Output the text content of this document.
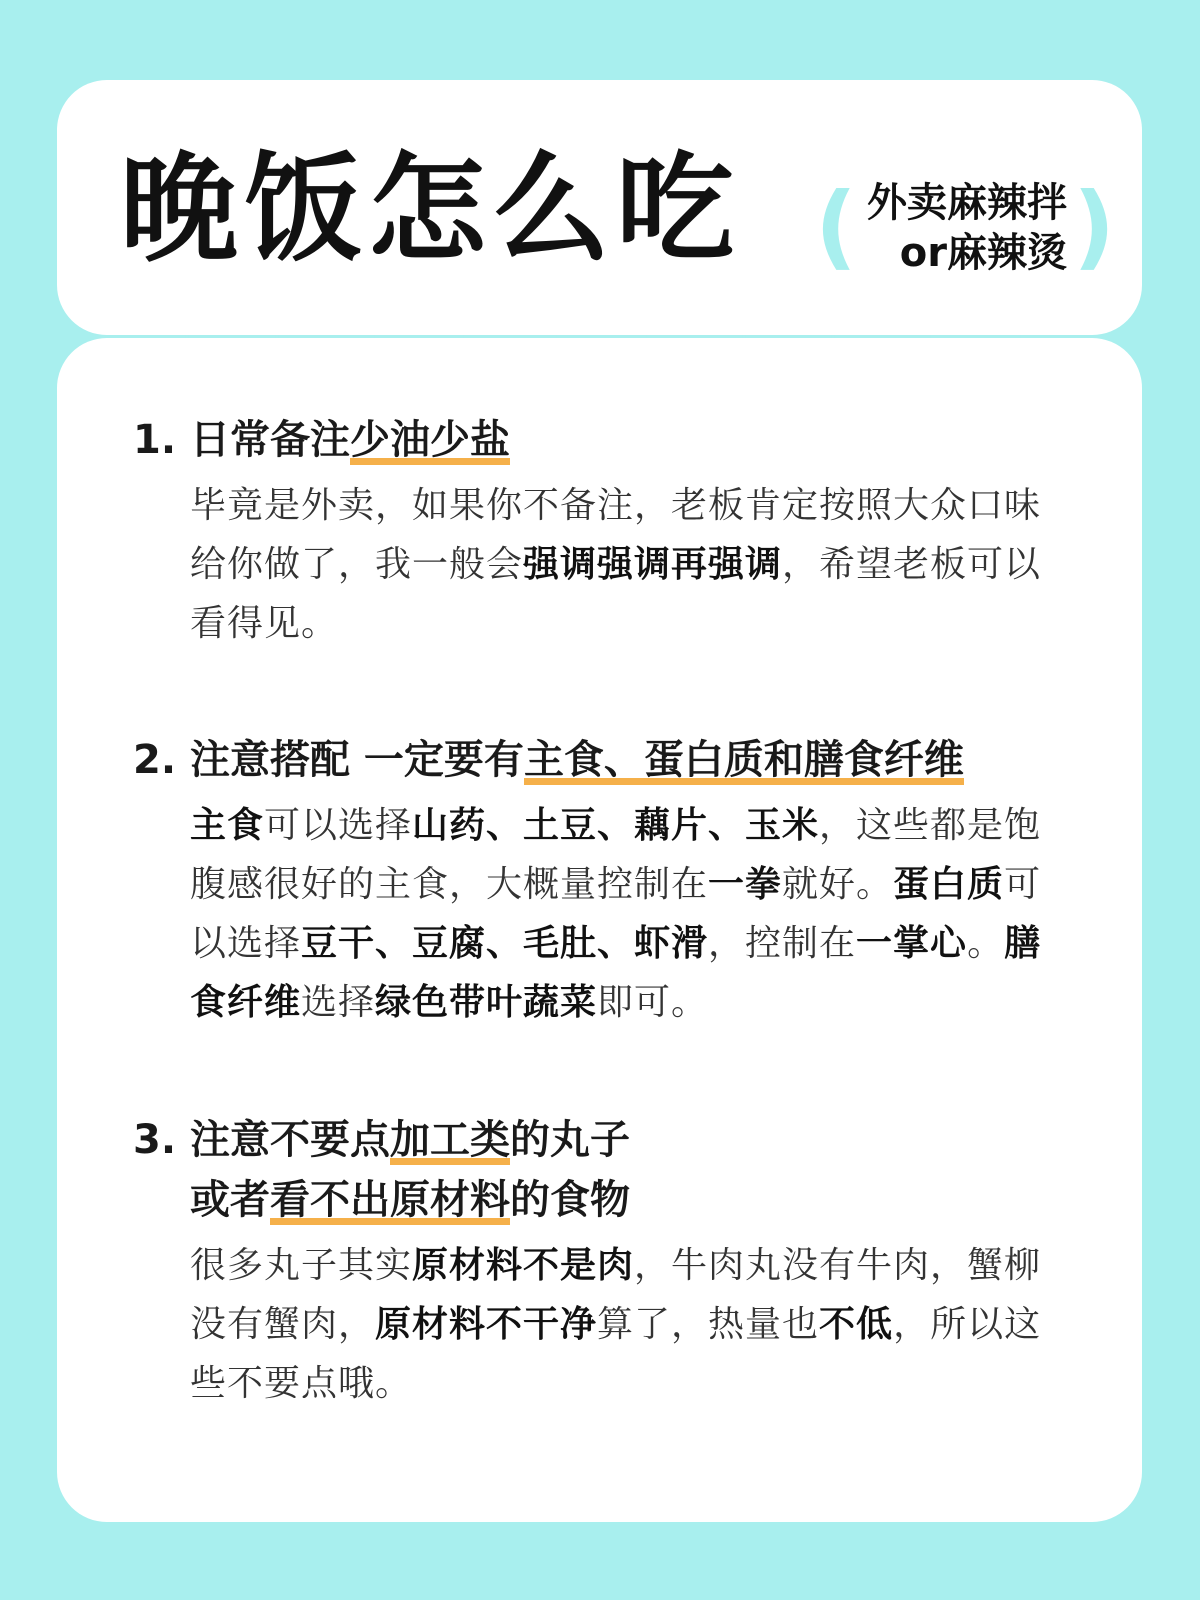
晚饭怎么吃 ( 外卖麻辣拌
or麻辣烫 )
1. 日常备注少油少盐
毕竟是外卖，如果你不备注，老板肯定按照大众口味给你做了，我一般会强调强调再强调，希望老板可以看得见。
2. 注意搭配 一定要有主食、蛋白质和膳食纤维
主食可以选择山药、土豆、藕片、玉米，这些都是饱腹感很好的主食，大概量控制在一拳就好。蛋白质可以选择豆干、豆腐、毛肚、虾滑，控制在一掌心。膳食纤维选择绿色带叶蔬菜即可。
3. 注意不要点加工类的丸子
或者看不出原材料的食物
很多丸子其实原材料不是肉，牛肉丸没有牛肉，蟹柳没有蟹肉，原材料不干净算了，热量也不低，所以这些不要点哦。
